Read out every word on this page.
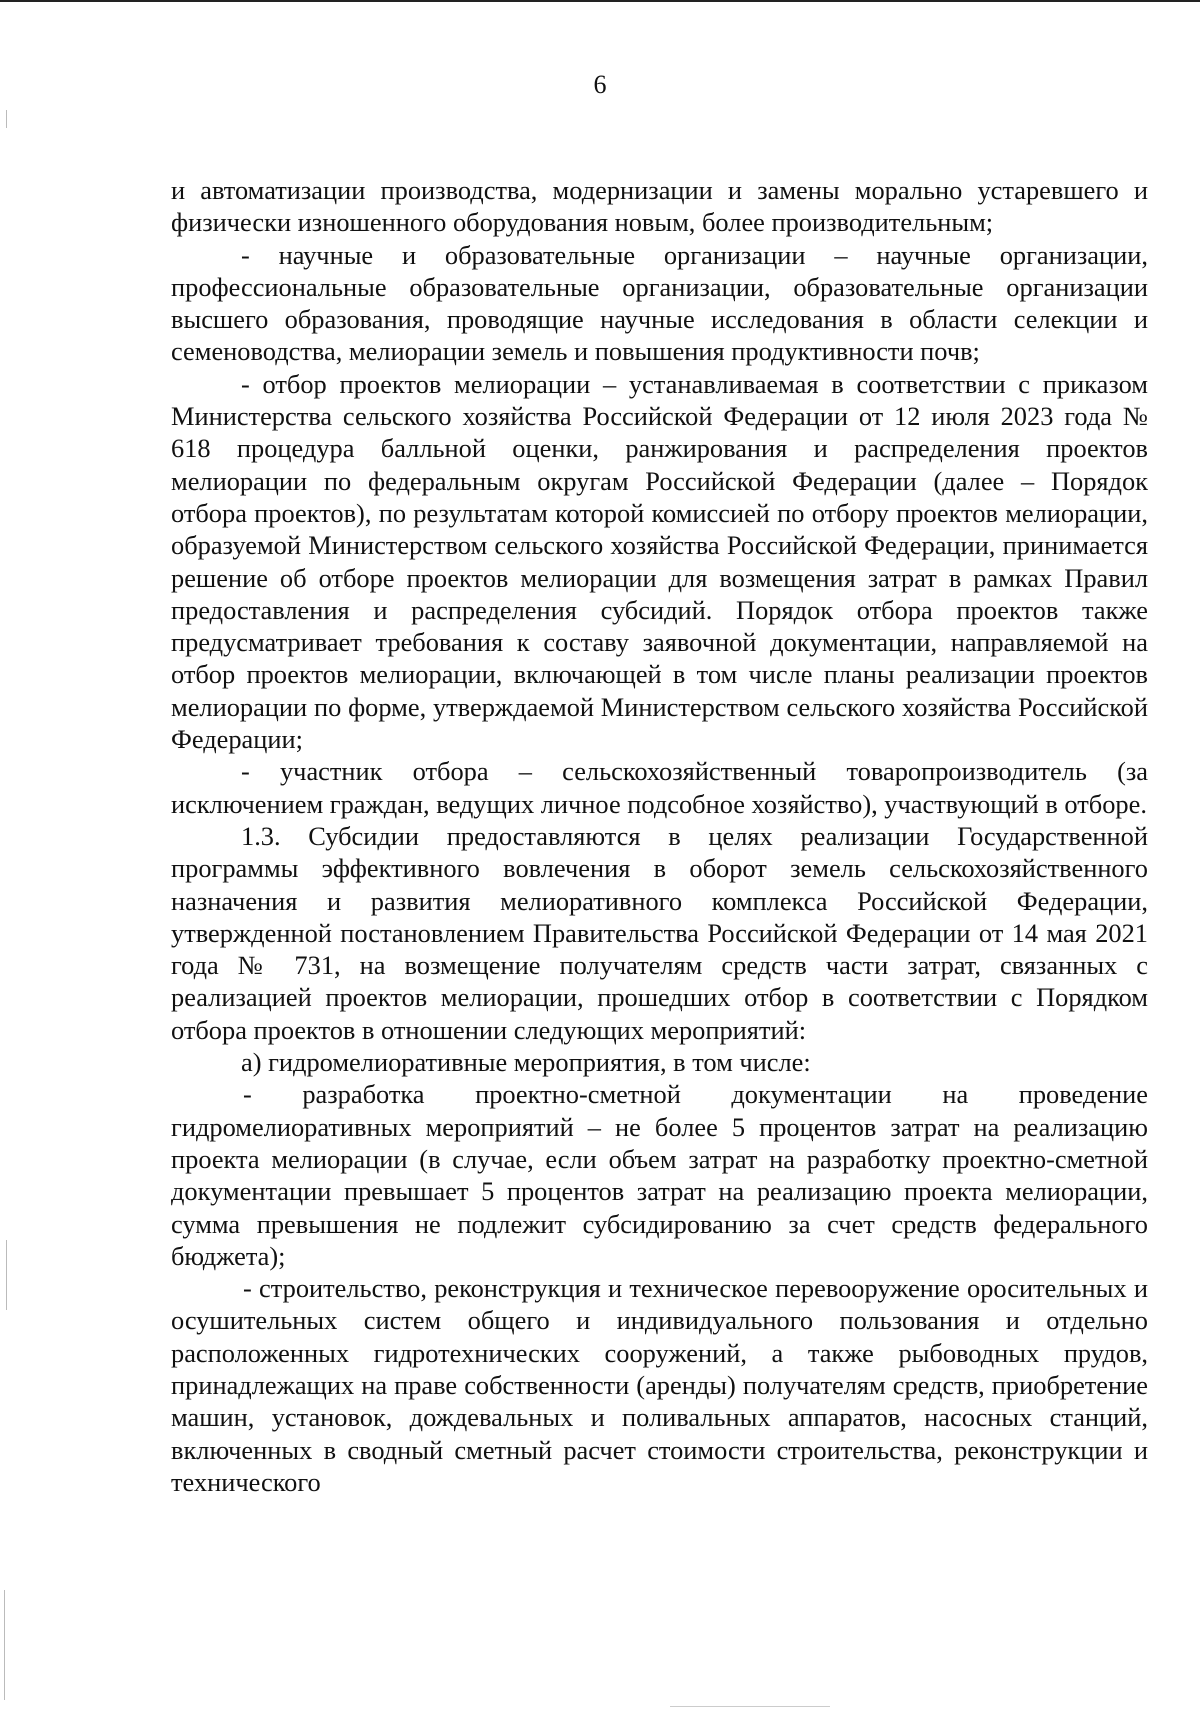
6

и автоматизации производства, модернизации и замены морально устаревшего и физически изношенного оборудования новым, более производительным;

- научные и образовательные организации – научные организации, профессиональные образовательные организации, образовательные организации высшего образования, проводящие научные исследования в области селекции и семеноводства, мелиорации земель и повышения продуктивности почв;

- отбор проектов мелиорации – устанавливаемая в соответствии с приказом Министерства сельского хозяйства Российской Федерации от 12 июля 2023 года № 618 процедура балльной оценки, ранжирования и распределения проектов мелиорации по федеральным округам Российской Федерации (далее – Порядок отбора проектов), по результатам которой комиссией по отбору проектов мелиорации, образуемой Министерством сельского хозяйства Российской Федерации, принимается решение об отборе проектов мелиорации для возмещения затрат в рамках Правил предоставления и распределения субсидий. Порядок отбора проектов также предусматривает требования к составу заявочной документации, направляемой на отбор проектов мелиорации, включающей в том числе планы реализации проектов мелиорации по форме, утверждаемой Министерством сельского хозяйства Российской Федерации;

- участник отбора – сельскохозяйственный товаропроизводитель (за исключением граждан, ведущих личное подсобное хозяйство), участвующий в отборе.

1.3. Субсидии предоставляются в целях реализации Государственной программы эффективного вовлечения в оборот земель сельскохозяйственного назначения и развития мелиоративного комплекса Российской Федерации, утвержденной постановлением Правительства Российской Федерации от 14 мая 2021 года № 731, на возмещение получателям средств части затрат, связанных с реализацией проектов мелиорации, прошедших отбор в соответствии с Порядком отбора проектов в отношении следующих мероприятий:

а) гидромелиоративные мероприятия, в том числе:

- разработка проектно-сметной документации на проведение гидромелиоративных мероприятий – не более 5 процентов затрат на реализацию проекта мелиорации (в случае, если объем затрат на разработку проектно-сметной документации превышает 5 процентов затрат на реализацию проекта мелиорации, сумма превышения не подлежит субсидированию за счет средств федерального бюджета);

- строительство, реконструкция и техническое перевооружение оросительных и осушительных систем общего и индивидуального пользования и отдельно расположенных гидротехнических сооружений, а также рыбоводных прудов, принадлежащих на праве собственности (аренды) получателям средств, приобретение машин, установок, дождевальных и поливальных аппаратов, насосных станций, включенных в сводный сметный расчет стоимости строительства, реконструкции и технического
